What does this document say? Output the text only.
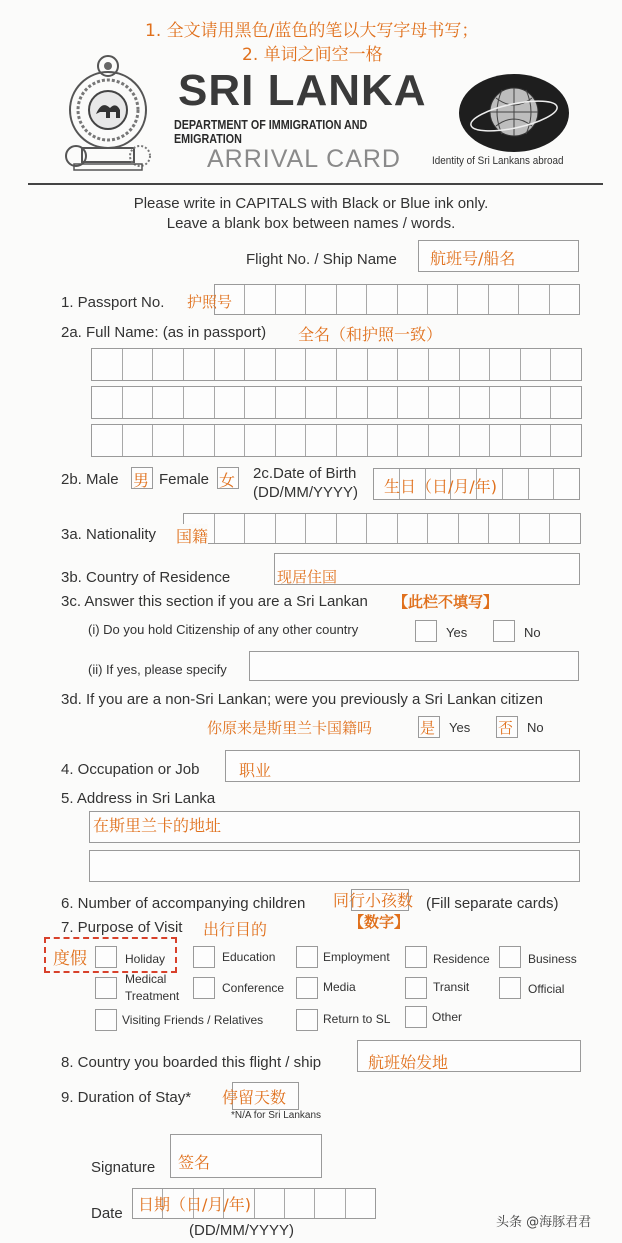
1. 全文请用黑色/蓝色的笔以大写字母书写；
2. 单词之间空一格
SRI LANKA
DEPARTMENT OF IMMIGRATION AND EMIGRATION
ARRIVAL CARD	Identity of Sri Lankans abroad
Please write in CAPITALS with Black or Blue ink only.
Leave a blank box between names / words.
Flight No. / Ship Name 航班号/船名
1. Passport No. 护照号
2a. Full Name: (as in passport) 全名（和护照一致）
2b. Male 男 Female 女 2c.Date of Birth
(DD/MM/YYYY) 生日（日/月/年)
3a. Nationality 国籍
3b. Country of Residence	现居住国
3c. Answer this section if you are a Sri Lankan 【此栏不填写】
(i) Do you hold Citizenship of any other country	Yes	No
(ii) If yes, please specify
3d. If you are a non-Sri Lankan; were you previously a Sri Lankan citizen
你原来是斯里兰卡国籍吗	是 Yes 否 No
4. Occupation or Job 职业
5. Address in Sri Lanka
在斯里兰卡的地址
6. Number of accompanying children 同行小孩数 (Fill separate cards)
【数字】
7. Purpose of Visit 出行目的
度假	Holiday	Education	Employment	Residence	Business
Medical
Treatment
Conference	Media	Transit	Official
Visiting Friends / Relatives	Return to SL	Other
8. Country you boarded this flight / ship	航班始发地
9. Duration of Stay* 停留天数
*N/A for Sri Lankans
Signature 签名
Date 日期（日/月/年)
(DD/MM/YYYY)	头条 @海豚君君
